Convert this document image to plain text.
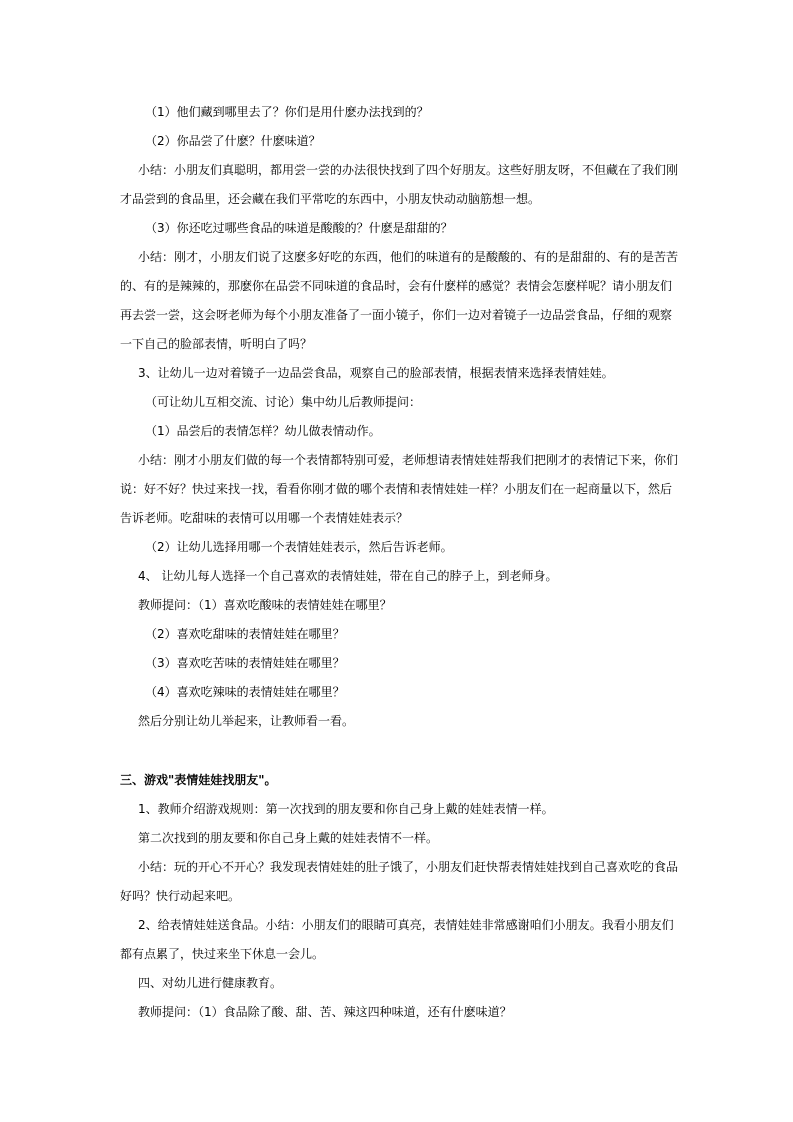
（1）他们藏到哪里去了？你们是用什麽办法找到的？
（2）你品尝了什麽？什麽味道？
小结：小朋友们真聪明，都用尝一尝的办法很快找到了四个好朋友。这些好朋友呀，不但藏在了我们刚
才品尝到的食品里，还会藏在我们平常吃的东西中，小朋友快动动脑筋想一想。
（3）你还吃过哪些食品的味道是酸酸的？什麽是甜甜的？
小结：刚才，小朋友们说了这麽多好吃的东西，他们的味道有的是酸酸的、有的是甜甜的、有的是苦苦
的、有的是辣辣的，那麽你在品尝不同味道的食品时，会有什麽样的感觉？表情会怎麽样呢？请小朋友们
再去尝一尝，这会呀老师为每个小朋友准备了一面小镜子，你们一边对着镜子一边品尝食品，仔细的观察
一下自己的脸部表情，听明白了吗？
3、让幼儿一边对着镜子一边品尝食品，观察自己的脸部表情，根据表情来选择表情娃娃。
（可让幼儿互相交流、讨论）集中幼儿后教师提问：
（1）品尝后的表情怎样？幼儿做表情动作。
小结：刚才小朋友们做的每一个表情都特别可爱，老师想请表情娃娃帮我们把刚才的表情记下来，你们
说：好不好？快过来找一找，看看你刚才做的哪个表情和表情娃娃一样？小朋友们在一起商量以下，然后
告诉老师。吃甜味的表情可以用哪一个表情娃娃表示？
（2）让幼儿选择用哪一个表情娃娃表示，然后告诉老师。
4、 让幼儿每人选择一个自己喜欢的表情娃娃，带在自己的脖子上，到老师身。
教师提问：（1）喜欢吃酸味的表情娃娃在哪里？
（2）喜欢吃甜味的表情娃娃在哪里？
（3）喜欢吃苦味的表情娃娃在哪里？
（4）喜欢吃辣味的表情娃娃在哪里？
然后分别让幼儿举起来，让教师看一看。
三、游戏"表情娃娃找朋友"。
1、教师介绍游戏规则：第一次找到的朋友要和你自己身上戴的娃娃表情一样。
第二次找到的朋友要和你自己身上戴的娃娃表情不一样。
小结：玩的开心不开心？我发现表情娃娃的肚子饿了，小朋友们赶快帮表情娃娃找到自己喜欢吃的食品
好吗？快行动起来吧。
2、给表情娃娃送食品。小结：小朋友们的眼睛可真亮，表情娃娃非常感谢咱们小朋友。我看小朋友们
都有点累了，快过来坐下休息一会儿。
四、对幼儿进行健康教育。
教师提问：（1）食品除了酸、甜、苦、辣这四种味道，还有什麽味道？
